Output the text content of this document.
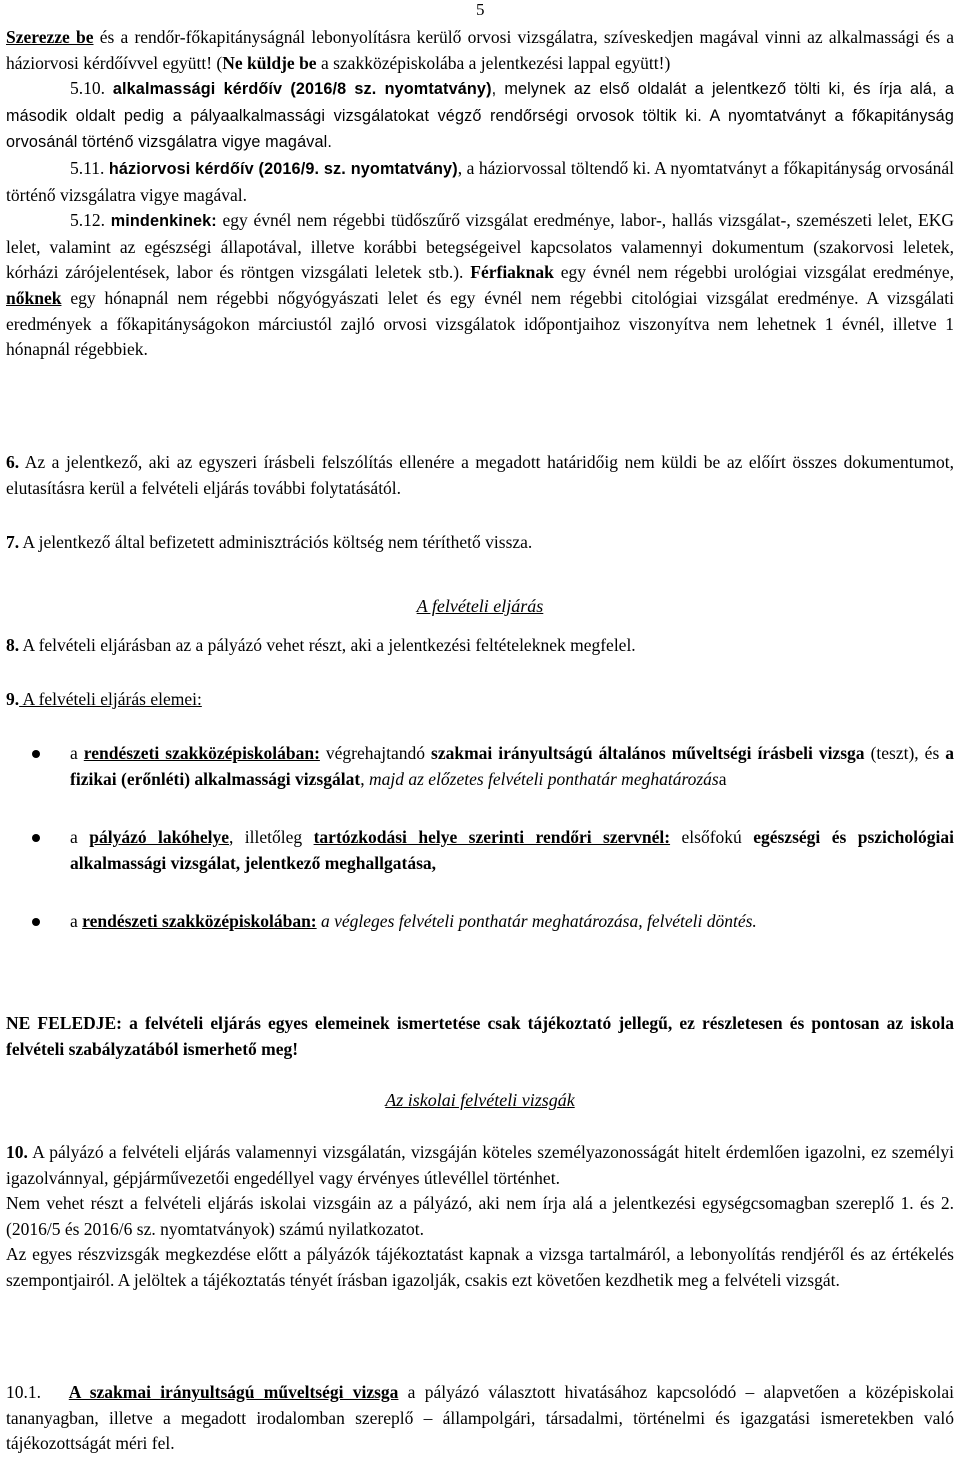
5

Szerezze be és a rendőr-főkapitányságnál lebonyolításra kerülő orvosi vizsgálatra, szíveskedjen magával vinni az alkalmassági és a háziorvosi kérdőívvel együtt! (Ne küldje be a szakközépiskolába a jelentkezési lappal együtt!)

5.10. alkalmassági kérdőív (2016/8 sz. nyomtatvány), melynek az első oldalát a jelentkező tölti ki, és írja alá, a második oldalt pedig a pályaalkalmassági vizsgálatokat végző rendőrségi orvosok töltik ki. A nyomtatványt a főkapitányság orvosánál történő vizsgálatra vigye magával.

5.11. háziorvosi kérdőív (2016/9. sz. nyomtatvány), a háziorvossal töltendő ki. A nyomtatványt a főkapitányság orvosánál történő vizsgálatra vigye magával.

5.12. mindenkinek: egy évnél nem régebbi tüdőszűrő vizsgálat eredménye, labor-, hallás vizsgálat-, szemészeti lelet, EKG lelet, valamint az egészségi állapotával, illetve korábbi betegségeivel kapcsolatos valamennyi dokumentum (szakorvosi leletek, kórházi zárójelentések, labor és röntgen vizsgálati leletek stb.). Férfiaknak egy évnél nem régebbi urológiai vizsgálat eredménye, nőknek egy hónapnál nem régebbi nőgyógyászati lelet és egy évnél nem régebbi citológiai vizsgálat eredménye. A vizsgálati eredmények a főkapitányságokon márciustól zajló orvosi vizsgálatok időpontjaihoz viszonyítva nem lehetnek 1 évnél, illetve 1 hónapnál régebbiek.

6. Az a jelentkező, aki az egyszeri írásbeli felszólítás ellenére a megadott határidőig nem küldi be az előírt összes dokumentumot, elutasításra kerül a felvételi eljárás további folytatásától.

7. A jelentkező által befizetett adminisztrációs költség nem téríthető vissza.

A felvételi eljárás

8. A felvételi eljárásban az a pályázó vehet részt, aki a jelentkezési feltételeknek megfelel.

9. A felvételi eljárás elemei:

a rendészeti szakközépiskolában: végrehajtandó szakmai irányultságú általános műveltségi írásbeli vizsga (teszt), és a fizikai (erőnléti) alkalmassági vizsgálat, majd az előzetes felvételi ponthatár meghatározása
a pályázó lakóhelye, illetőleg tartózkodási helye szerinti rendőri szervnél: elsőfokú egészségi és pszichológiai alkalmassági vizsgálat, jelentkező meghallgatása,
a rendészeti szakközépiskolában: a végleges felvételi ponthatár meghatározása, felvételi döntés.

NE FELEDJE: a felvételi eljárás egyes elemeinek ismertetése csak tájékoztató jellegű, ez részletesen és pontosan az iskola felvételi szabályzatából ismerhető meg!

Az iskolai felvételi vizsgák

10. A pályázó a felvételi eljárás valamennyi vizsgálatán, vizsgáján köteles személyazonosságát hitelt érdemlően igazolni, ez személyi igazolvánnyal, gépjárművezetői engedéllyel vagy érvényes útlevéllel történhet.

Nem vehet részt a felvételi eljárás iskolai vizsgáin az a pályázó, aki nem írja alá a jelentkezési egységcsomagban szereplő 1. és 2. (2016/5 és 2016/6 sz. nyomtatványok) számú nyilatkozatot.

Az egyes részvizsgák megkezdése előtt a pályázók tájékoztatást kapnak a vizsga tartalmáról, a lebonyolítás rendjéről és az értékelés szempontjairól. A jelöltek a tájékoztatás tényét írásban igazolják, csakis ezt követően kezdhetik meg a felvételi vizsgát.

10.1. A szakmai irányultságú műveltségi vizsga a pályázó választott hivatásához kapcsolódó – alapvetően a középiskolai tananyagban, illetve a megadott irodalomban szereplő – állampolgári, társadalmi, történelmi és igazgatási ismeretekben való tájékozottságát méri fel.
